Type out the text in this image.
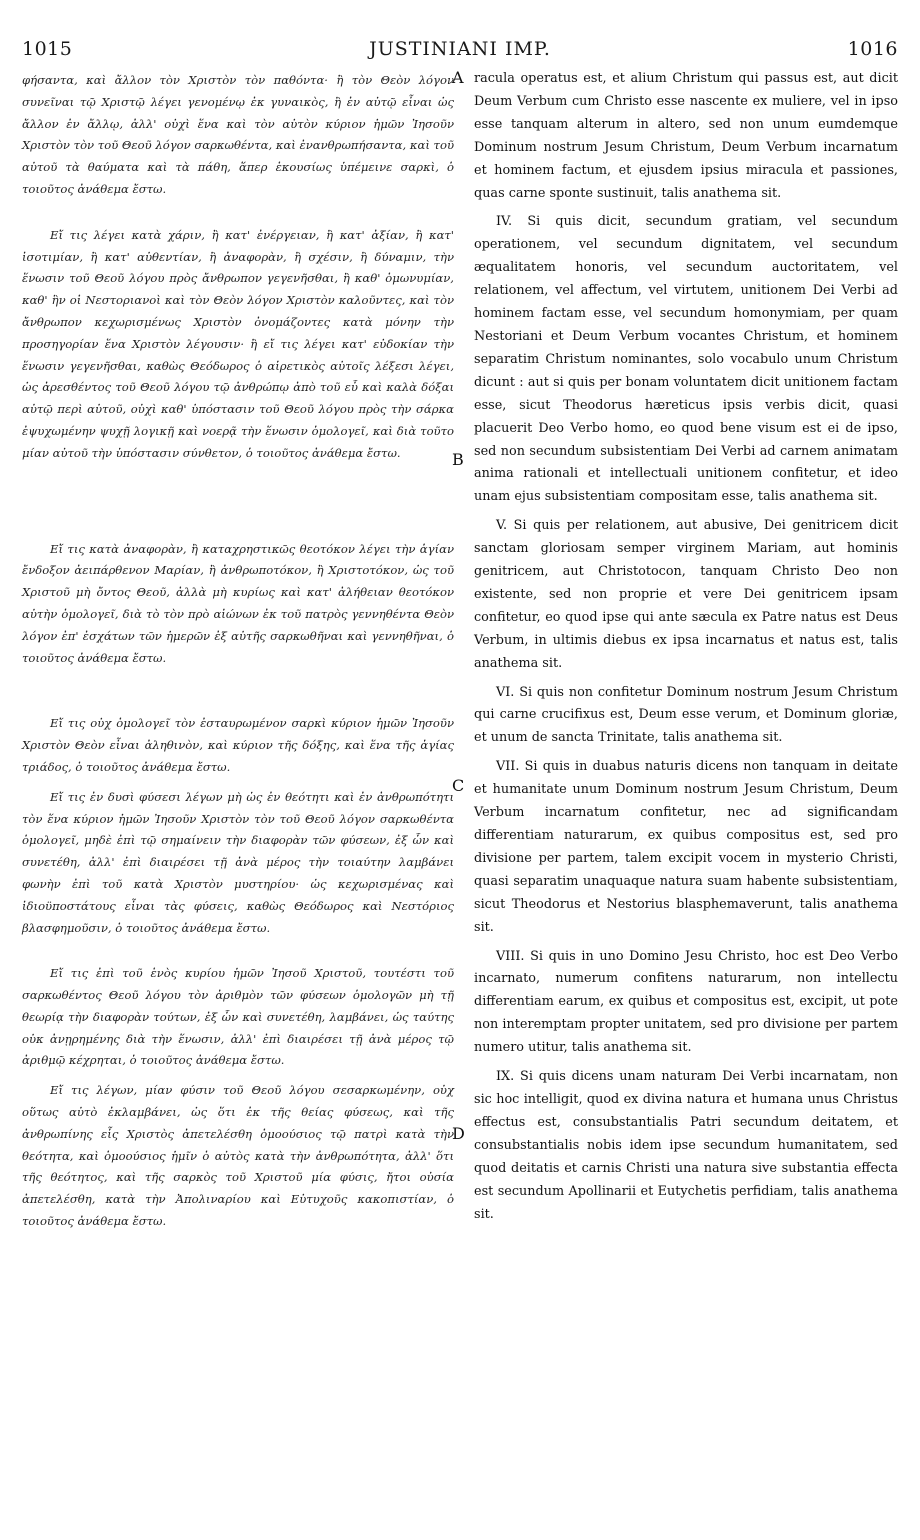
1015	JUSTINIANI IMP.	1016

φήσαντα, καὶ ἄλλον τὸν Χριστὸν τὸν παθόντα· ἢ τὸν Θεὸν λόγον συνεῖναι τῷ Χριστῷ λέγει γενομένῳ ἐκ γυναικὸς, ἢ ἐν αὐτῷ εἶναι ὡς ἄλλον ἐν ἄλλῳ, ἀλλ' οὐχὶ ἕνα καὶ τὸν αὐτὸν κύριον ἡμῶν Ἰησοῦν Χριστὸν τὸν τοῦ Θεοῦ λόγον σαρκωθέντα, καὶ ἐνανθρωπήσαντα, καὶ τοῦ αὐτοῦ τὰ θαύματα καὶ τὰ πάθη, ἅπερ ἑκουσίως ὑπέμεινε σαρκὶ, ὁ τοιοῦτος ἀνάθεμα ἔστω.

Εἴ τις λέγει κατὰ χάριν, ἢ κατ' ἐνέργειαν, ἢ κατ' ἀξίαν, ἢ κατ' ἰσοτιμίαν, ἢ κατ' αὐθεντίαν, ἢ ἀναφορὰν, ἢ σχέσιν, ἢ δύναμιν, τὴν ἕνωσιν τοῦ Θεοῦ λόγου πρὸς ἄνθρωπον γεγενῆσθαι, ἢ καθ' ὁμωνυμίαν, καθ' ἣν οἱ Νεστοριανοὶ καὶ τὸν Θεὸν λόγον Χριστὸν καλοῦντες, καὶ τὸν ἄνθρωπον κεχωρισμένως Χριστὸν ὀνομάζοντες κατὰ μόνην τὴν προσηγορίαν ἕνα Χριστὸν λέγουσιν· ἢ εἴ τις λέγει κατ' εὐδοκίαν τὴν ἕνωσιν γεγενῆσθαι, καθὼς Θεόδωρος ὁ αἱρετικὸς αὐτοῖς λέξεσι λέγει, ὡς ἀρεσθέντος τοῦ Θεοῦ λόγου τῷ ἀνθρώπῳ ἀπὸ τοῦ εὖ καὶ καλὰ δόξαι αὐτῷ περὶ αὐτοῦ, οὐχὶ καθ' ὑπόστασιν τοῦ Θεοῦ λόγου πρὸς τὴν σάρκα ἐψυχωμένην ψυχῇ λογικῇ καὶ νοερᾷ τὴν ἕνωσιν ὁμολογεῖ, καὶ διὰ τοῦτο μίαν αὐτοῦ τὴν ὑπόστασιν σύνθετον, ὁ τοιοῦτος ἀνάθεμα ἔστω.

Εἴ τις κατὰ ἀναφορὰν, ἢ καταχρηστικῶς θεοτόκον λέγει τὴν ἁγίαν ἔνδοξον ἀειπάρθενον Μαρίαν, ἢ ἀνθρωποτόκον, ἢ Χριστοτόκον, ὡς τοῦ Χριστοῦ μὴ ὄντος Θεοῦ, ἀλλὰ μὴ κυρίως καὶ κατ' ἀλήθειαν θεοτόκον αὐτὴν ὁμολογεῖ, διὰ τὸ τὸν πρὸ αἰώνων ἐκ τοῦ πατρὸς γεννηθέντα Θεὸν λόγον ἐπ' ἐσχάτων τῶν ἡμερῶν ἐξ αὐτῆς σαρκωθῆναι καὶ γεννηθῆναι, ὁ τοιοῦτος ἀνάθεμα ἔστω.

Εἴ τις οὐχ ὁμολογεῖ τὸν ἐσταυρωμένον σαρκὶ κύριον ἡμῶν Ἰησοῦν Χριστὸν Θεὸν εἶναι ἀληθινὸν, καὶ κύριον τῆς δόξης, καὶ ἕνα τῆς ἁγίας τριάδος, ὁ τοιοῦτος ἀνάθεμα ἔστω.

Εἴ τις ἐν δυσὶ φύσεσι λέγων μὴ ὡς ἐν θεότητι καὶ ἐν ἀνθρωπότητι τὸν ἕνα κύριον ἡμῶν Ἰησοῦν Χριστὸν τὸν τοῦ Θεοῦ λόγον σαρκωθέντα ὁμολογεῖ, μηδὲ ἐπὶ τῷ σημαίνειν τὴν διαφορὰν τῶν φύσεων, ἐξ ὧν καὶ συνετέθη, ἀλλ' ἐπὶ διαιρέσει τῇ ἀνὰ μέρος τὴν τοιαύτην λαμβάνει φωνὴν ἐπὶ τοῦ κατὰ Χριστὸν μυστηρίου· ὡς κεχωρισμένας καὶ ἰδιοϋποστάτους εἶναι τὰς φύσεις, καθὼς Θεόδωρος καὶ Νεστόριος βλασφημοῦσιν, ὁ τοιοῦτος ἀνάθεμα ἔστω.

Εἴ τις ἐπὶ τοῦ ἑνὸς κυρίου ἡμῶν Ἰησοῦ Χριστοῦ, τουτέστι τοῦ σαρκωθέντος Θεοῦ λόγου τὸν ἀριθμὸν τῶν φύσεων ὁμολογῶν μὴ τῇ θεωρίᾳ τὴν διαφορὰν τούτων, ἐξ ὧν καὶ συνετέθη, λαμβάνει, ὡς ταύτης οὐκ ἀνῃρημένης διὰ τὴν ἕνωσιν, ἀλλ' ἐπὶ διαιρέσει τῇ ἀνὰ μέρος τῷ ἀριθμῷ κέχρηται, ὁ τοιοῦτος ἀνάθεμα ἔστω.

Εἴ τις λέγων, μίαν φύσιν τοῦ Θεοῦ λόγου σεσαρκωμένην, οὐχ οὕτως αὐτὸ ἐκλαμβάνει, ὡς ὅτι ἐκ τῆς θείας φύσεως, καὶ τῆς ἀνθρωπίνης εἷς Χριστὸς ἀπετελέσθη ὁμοούσιος τῷ πατρὶ κατὰ τὴν θεότητα, καὶ ὁμοούσιος ἡμῖν ὁ αὐτὸς κατὰ τὴν ἀνθρωπότητα, ἀλλ' ὅτι τῆς θεότητος, καὶ τῆς σαρκὸς τοῦ Χριστοῦ μία φύσις, ἤτοι οὐσία ἀπετελέσθη, κατὰ τὴν Ἀπολιναρίου καὶ Εὐτυχοῦς κακοπιστίαν, ὁ τοιοῦτος ἀνάθεμα ἔστω.

racula operatus est, et alium Christum qui passus est, aut dicit Deum Verbum cum Christo esse nascente ex muliere, vel in ipso esse tanquam alterum in altero, sed non unum eumdemque Dominum nostrum Jesum Christum, Deum Verbum incarnatum et hominem factum, et ejusdem ipsius miracula et passiones, quas carne sponte sustinuit, talis anathema sit.

IV. Si quis dicit, secundum gratiam, vel secundum operationem, vel secundum dignitatem, vel secundum æqualitatem honoris, vel secundum auctoritatem, vel relationem, vel affectum, vel virtutem, unitionem Dei Verbi ad hominem factam esse, vel secundum homonymiam, per quam Nestoriani et Deum Verbum vocantes Christum, et hominem separatim Christum nominantes, solo vocabulo unum Christum dicunt : aut si quis per bonam voluntatem dicit unitionem factam esse, sicut Theodorus hæreticus ipsis verbis dicit, quasi placuerit Deo Verbo homo, eo quod bene visum est ei de ipso, sed non secundum subsistentiam Dei Verbi ad carnem animatam anima rationali et intellectuali unitionem confitetur, et ideo unam ejus subsistentiam compositam esse, talis anathema sit.

V. Si quis per relationem, aut abusive, Dei genitricem dicit sanctam gloriosam semper virginem Mariam, aut hominis genitricem, aut Christotocon, tanquam Christo Deo non existente, sed non proprie et vere Dei genitricem ipsam confitetur, eo quod ipse qui ante sæcula ex Patre natus est Deus Verbum, in ultimis diebus ex ipsa incarnatus et natus est, talis anathema sit.

VI. Si quis non confitetur Dominum nostrum Jesum Christum qui carne crucifixus est, Deum esse verum, et Dominum gloriæ, et unum de sancta Trinitate, talis anathema sit.

VII. Si quis in duabus naturis dicens non tanquam in deitate et humanitate unum Dominum nostrum Jesum Christum, Deum Verbum incarnatum confitetur, nec ad significandam differentiam naturarum, ex quibus compositus est, sed pro divisione per partem, talem excipit vocem in mysterio Christi, quasi separatim unaquaque natura suam habente subsistentiam, sicut Theodorus et Nestorius blasphemaverunt, talis anathema sit.

VIII. Si quis in uno Domino Jesu Christo, hoc est Deo Verbo incarnato, numerum confitens naturarum, non intellectu differentiam earum, ex quibus et compositus est, excipit, ut pote non interemptam propter unitatem, sed pro divisione per partem numero utitur, talis anathema sit.

IX. Si quis dicens unam naturam Dei Verbi incarnatam, non sic hoc intelligit, quod ex divina natura et humana unus Christus effectus est, consubstantialis Patri secundum deitatem, et consubstantialis nobis idem ipse secundum humanitatem, sed quod deitatis et carnis Christi una natura sive substantia effecta est secundum Apollinarii et Eutychetis perfidiam, talis anathema sit.

A
B
C
D
